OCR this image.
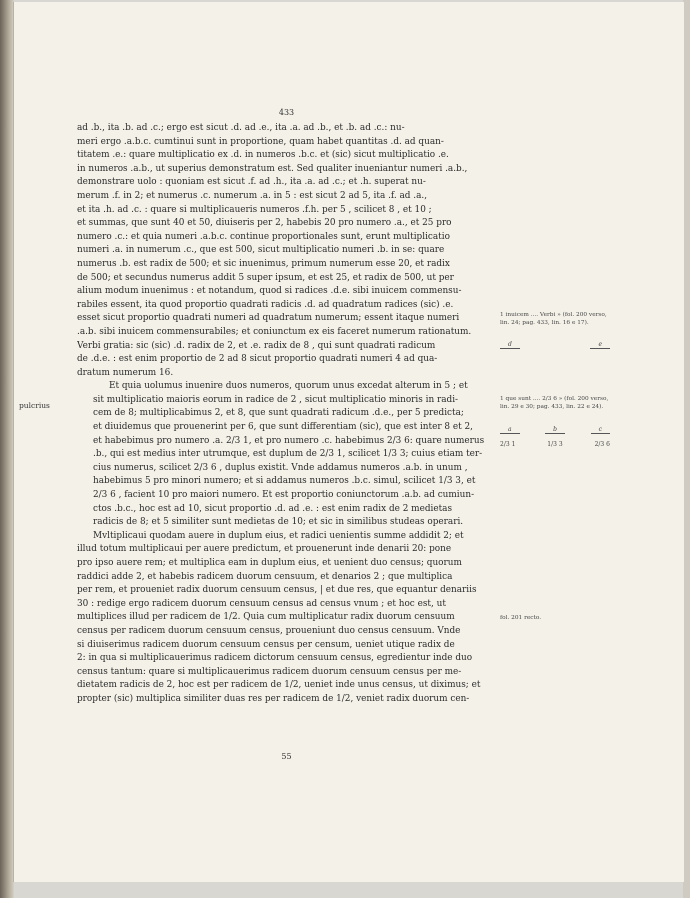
433

ad .b., ita .b. ad .c.; ergo est sicut .d. ad .e., ita .a. ad .b., et .b. ad .c.: nu-
meri ergo .a.b.c. cumtinui sunt in proportione, quam habet quantitas .d. ad quan-
titatem .e.: quare multiplicatio ex .d. in numeros .b.c. et (sic) sicut multiplicatio .e.
in numeros .a.b., ut superius demonstratum est. Sed qualiter inueniantur numeri .a.b.,
demonstrare uolo : quoniam est sicut .f. ad .h., ita .a. ad .c.; et .h. superat nu-
merum .f. in 2; et numerus .c. numerum .a. in 5 : est sicut 2 ad 5, ita .f. ad .a.,
et ita .h. ad .c. : quare si multiplicaueris numeros .f.h. per 5 , scilicet 8 , et 10 ;
et summas, que sunt 40 et 50, diuiseris per 2, habebis 20 pro numero .a., et 25 pro
numero .c.: et quia numeri .a.b.c. continue proportionales sunt, erunt multiplicatio
numeri .a. in numerum .c., que est 500, sicut multiplicatio numeri .b. in se: quare
numerus .b. est radix de 500; et sic inuenimus, primum numerum esse 20, et radix
de 500; et secundus numerus addit 5 super ipsum, et est 25, et radix de 500, ut per
alium modum inuenimus : et notandum, quod si radices .d.e. sibi inuicem commensu-
rabiles essent, ita quod proportio quadrati radicis .d. ad quadratum radices (sic) .e.
esset sicut proportio quadrati numeri ad quadratum numerum; essent itaque numeri
.a.b. sibi inuicem commensurabiles; et coniunctum ex eis faceret numerum rationatum.
Verbi gratia: sic (sic) .d. radix de 2, et .e. radix de 8 , qui sunt quadrati radicum
de .d.e. : est enim proportio de 2 ad 8 sicut proportio quadrati numeri 4 ad qua-
dratum numerum 16.

Et quia uolumus inuenire duos numeros, quorum unus excedat alterum in 5 ; et
sit multiplicatio maioris eorum in radice de 2 , sicut multiplicatio minoris in radi-
cem de 8; multiplicabimus 2, et 8, que sunt quadrati radicum .d.e., per 5 predicta;
et diuidemus que prouenerint per 6, que sunt differentiam (sic), que est inter 8 et 2,
et habebimus pro numero .a. 2/3 1, et pro numero .c. habebimus 2/3 6: quare numerus
.b., qui est medius inter utrumque, est duplum de 2/3 1, scilicet 1/3 3; cuius etiam ter-
cius numerus, scilicet 2/3 6 , duplus existit. Vnde addamus numeros .a.b. in unum ,
habebimus 5 pro minori numero; et si addamus numeros .b.c. simul, scilicet 1/3 3, et
2/3 6 , facient 10 pro maiori numero. Et est proportio coniunctorum .a.b. ad cumiun-
ctos .b.c., hoc est ad 10, sicut proportio .d. ad .e. : est enim radix de 2 medietas
radicis de 8; et 5 similiter sunt medietas de 10; et sic in similibus studeas operari.

Mvltiplicaui quodam auere in duplum eius, et radici uenientis summe addidit 2; et
illud totum multiplicaui per auere predictum, et prouenerunt inde denarii 20: pone
pro ipso auere rem; et multiplica eam in duplum eius, et uenient duo census; quorum
raddici adde 2, et habebis radicem duorum censuum, et denarios 2 ; que multiplica
per rem, et proueniet radix duorum censuum census, | et due res, que equantur denariis
30 : redige ergo radicem duorum censuum census ad census vnum ; et hoc est, ut
multiplices illud per radicem de 1/2. Quia cum multiplicatur radix duorum censuum
census per radicem duorum censuum census, proueniunt duo census censuum. Vnde
si diuiserimus radicem duorum censuum census per censum, ueniet utique radix de
2: in qua si multiplicauerimus radicem dictorum censuum census, egredientur inde duo
census tantum: quare si multiplicauerimus radicem duorum censuum census per me-
dietatem radicis de 2, hoc est per radicem de 1/2, ueniet inde unus census, ut diximus; et
propter (sic) multiplica similiter duas res per radicem de 1/2, veniet radix duorum cen-

55
pulcrius
1 inuicem .... Verbi » (fol. 200 verso, lin. 24; pag. 433, lin. 16 e 17).
d	e
1 que sunt .... 2/3 6 » (fol. 200 verso, lin. 29 e 30; pag. 433, lin. 22 e 24).
a	b	c
2/3 1	1/3 3	2/3 6
fol. 201 recto.
